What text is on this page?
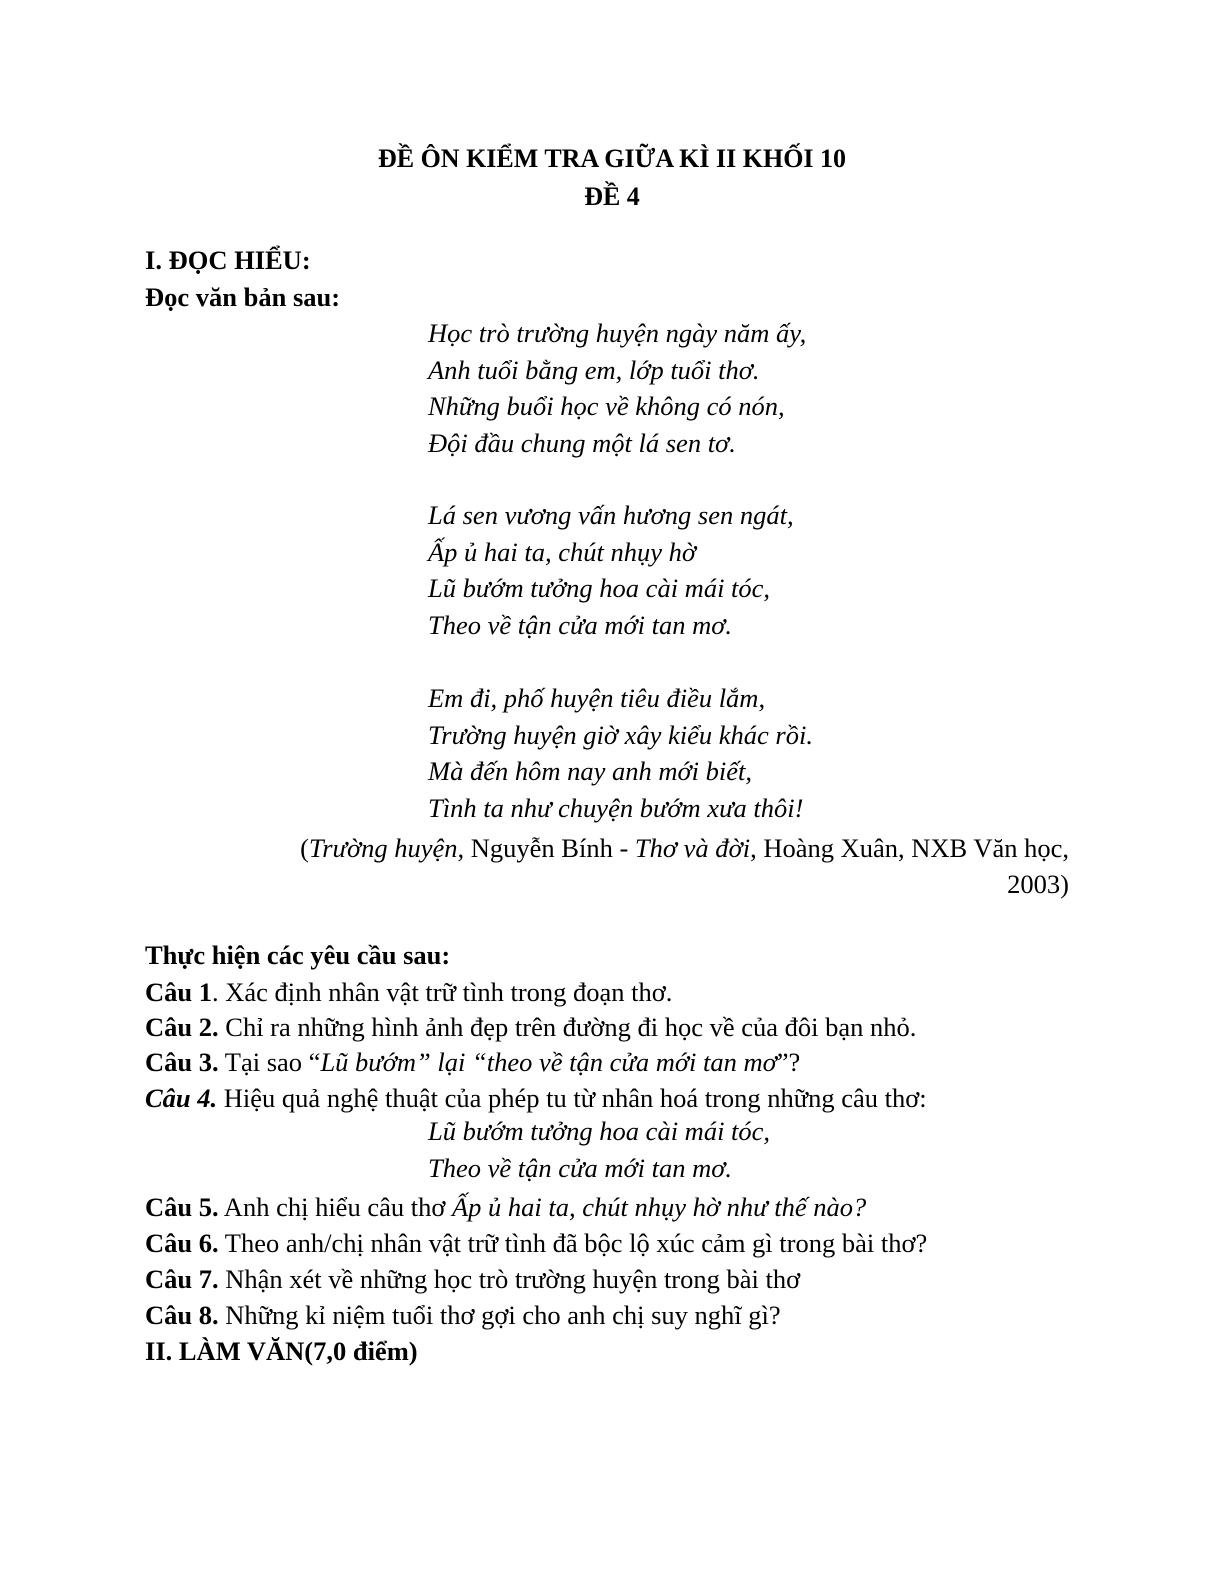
ĐỀ ÔN KIỂM TRA GIỮA KÌ II KHỐI 10
ĐỀ 4
I. ĐỌC HIỂU:
Đọc văn bản sau:
Học trò trường huyện ngày năm ấy,
Anh tuổi bằng em, lớp tuổi thơ.
Những buổi học về không có nón,
Đội đầu chung một lá sen tơ.
Lá sen vương vấn hương sen ngát,
Ấp ủ hai ta, chút nhụy hờ
Lũ bướm tưởng hoa cài mái tóc,
Theo về tận cửa mới tan mơ.
Em đi, phố huyện tiêu điều lắm,
Trường huyện giờ xây kiểu khác rồi.
Mà đến hôm nay anh mới biết,
Tình ta như chuyện bướm xưa thôi!
(Trường huyện, Nguyễn Bính - Thơ và đời, Hoàng Xuân, NXB Văn học,
2003)
Thực hiện các yêu cầu sau:
Câu 1. Xác định nhân vật trữ tình trong đoạn thơ.
Câu 2. Chỉ ra những hình ảnh đẹp trên đường đi học về của đôi bạn nhỏ.
Câu 3. Tại sao “Lũ bướm” lại “theo về tận cửa mới tan mơ”?
Câu 4. Hiệu quả nghệ thuật của phép tu từ nhân hoá trong những câu thơ:
Lũ bướm tưởng hoa cài mái tóc,
Theo về tận cửa mới tan mơ.
Câu 5. Anh chị hiểu câu thơ Ấp ủ hai ta, chút nhụy hờ như thế nào?
Câu 6. Theo anh/chị nhân vật trữ tình đã bộc lộ xúc cảm gì trong bài thơ?
Câu 7. Nhận xét về những học trò trường huyện trong bài thơ
Câu 8. Những kỉ niệm tuổi thơ gợi cho anh chị suy nghĩ gì?
II. LÀM VĂN(7,0 điểm)
